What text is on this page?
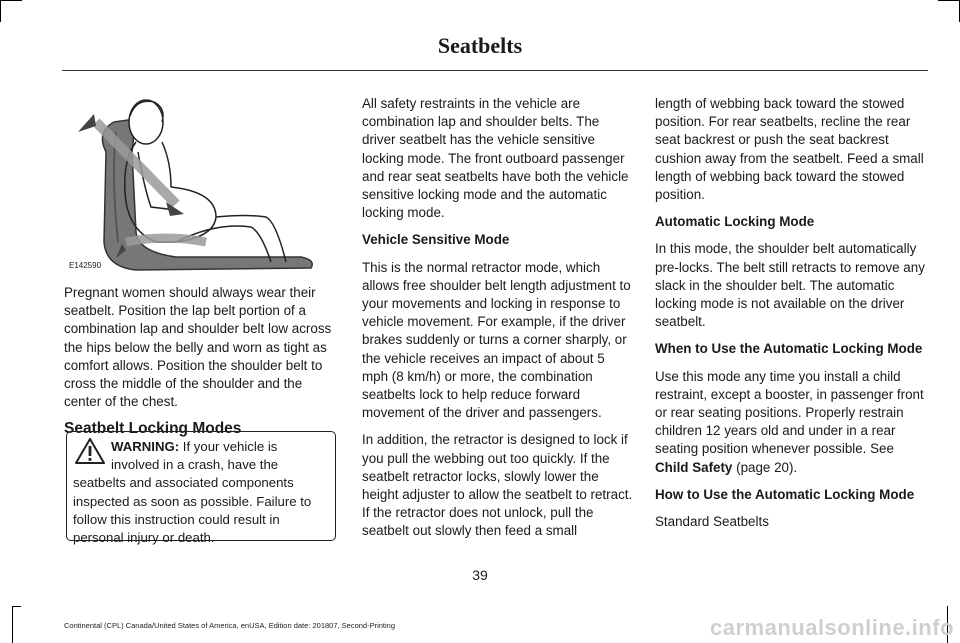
Seatbelts
E142590

Pregnant women should always wear their seatbelt. Position the lap belt portion of a combination lap and shoulder belt low across the hips below the belly and worn as tight as comfort allows. Position the shoulder belt to cross the middle of the shoulder and the center of the chest.

Seatbelt Locking Modes
WARNING: If your vehicle is involved in a crash, have the seatbelts and associated components inspected as soon as possible. Failure to follow this instruction could result in personal injury or death.

All safety restraints in the vehicle are combination lap and shoulder belts. The driver seatbelt has the vehicle sensitive locking mode. The front outboard passenger and rear seat seatbelts have both the vehicle sensitive locking mode and the automatic locking mode.

Vehicle Sensitive Mode

This is the normal retractor mode, which allows free shoulder belt length adjustment to your movements and locking in response to vehicle movement. For example, if the driver brakes suddenly or turns a corner sharply, or the vehicle receives an impact of about 5 mph (8 km/h) or more, the combination seatbelts lock to help reduce forward movement of the driver and passengers.

In addition, the retractor is designed to lock if you pull the webbing out too quickly. If the seatbelt retractor locks, slowly lower the height adjuster to allow the seatbelt to retract. If the retractor does not unlock, pull the seatbelt out slowly then feed a small

length of webbing back toward the stowed position. For rear seatbelts, recline the rear seat backrest or push the seat backrest cushion away from the seatbelt. Feed a small length of webbing back toward the stowed position.

Automatic Locking Mode

In this mode, the shoulder belt automatically pre-locks. The belt still retracts to remove any slack in the shoulder belt. The automatic locking mode is not available on the driver seatbelt.

When to Use the Automatic Locking Mode

Use this mode any time you install a child restraint, except a booster, in passenger front or rear seating positions. Properly restrain children 12 years old and under in a rear seating position whenever possible. See Child Safety (page 20).

How to Use the Automatic Locking Mode

Standard Seatbelts

39
Continental (CPL) Canada/United States of America, enUSA, Edition date: 201807, Second-Printing	carmanualsonline.info
